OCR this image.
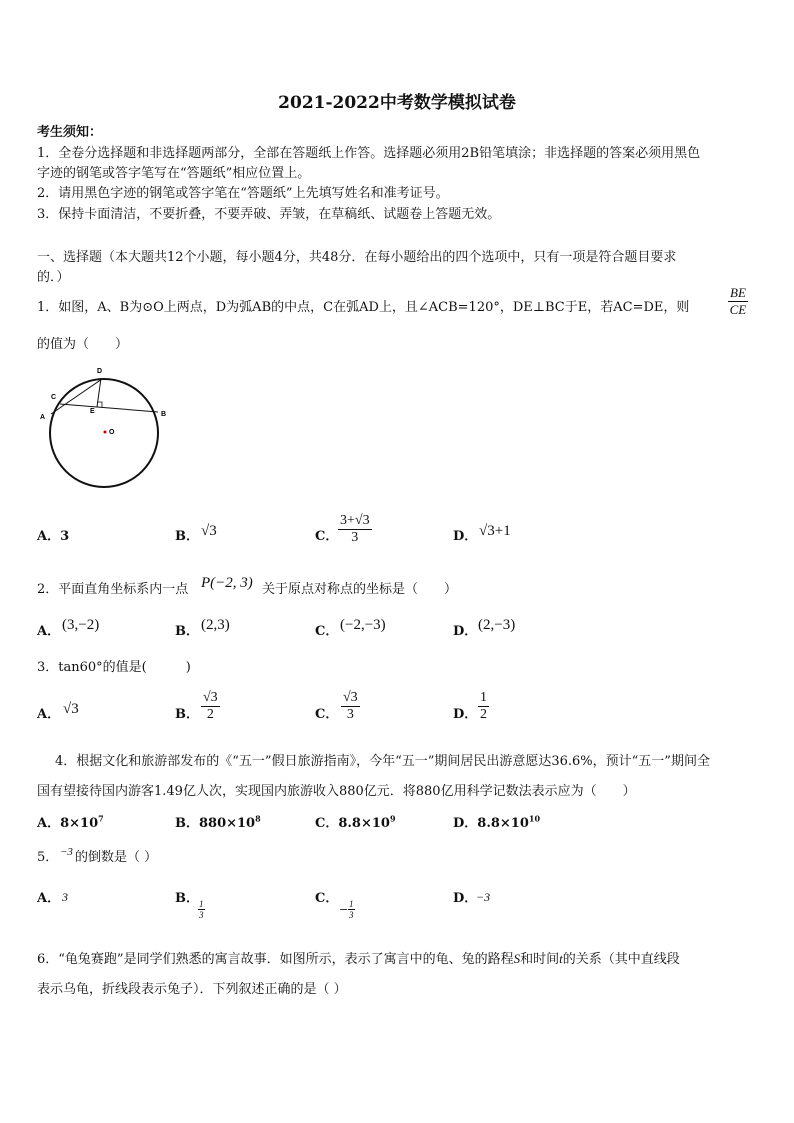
2021-2022中考数学模拟试卷
考生须知：
1．全卷分选择题和非选择题两部分，全部在答题纸上作答。选择题必须用2B铅笔填涂；非选择题的答案必须用黑色
字迹的钢笔或答字笔写在“答题纸”相应位置上。
2．请用黑色字迹的钢笔或答字笔在“答题纸”上先填写姓名和准考证号。
3．保持卡面清洁，不要折叠，不要弄破、弄皱，在草稿纸、试题卷上答题无效。
一、选择题（本大题共12个小题，每小题4分，共48分．在每小题给出的四个选项中，只有一项是符合题目要求
的．）
1．如图，A、B为⊙O上两点，D为弧AB的中点，C在弧AD上，且∠ACB=120°，DE⊥BC于E，若AC=DE，则	$\frac{BE}{CE}$
的值为（　　）
D
C
A
E	B
O
A．3	B． √3	C． $\frac{3+√3}{3}$	D． √3+1
2．平面直角坐标系内一点 P(−2, 3) 关于原点对称点的坐标是（　　）
A． (3,−2)	B． (2,3)	C． (−2,−3)	D． (2,−3)
3．tan60°的值是(　　　)
A． √3	B． $\frac{√3}{2}$	C． $\frac{√3}{3}$	D． $\frac{1}{2}$
4．根据文化和旅游部发布的《“五一”假日旅游指南》，今年“五一”期间居民出游意愿达36.6%，预计“五一”期间全
国有望接待国内游客1.49亿人次，实现国内旅游收入880亿元．将880亿用科学记数法表示应为（　　）
A．$8\times 10^7$	B．$880\times 10^8$	C．$8.8\times 10^9$	D．$8.8\times 10^{10}$
5． −3 的倒数是（ ）
A． 3	B．
$\frac{1}{3}$
C．
− $\frac{1}{3}$
D．
−3
6．“龟兔赛跑”是同学们熟悉的寓言故事．如图所示，表示了寓言中的龟、兔的路程S和时间t的关系（其中直线段
表示乌龟，折线段表示兔子）．下列叙述正确的是（ ）
